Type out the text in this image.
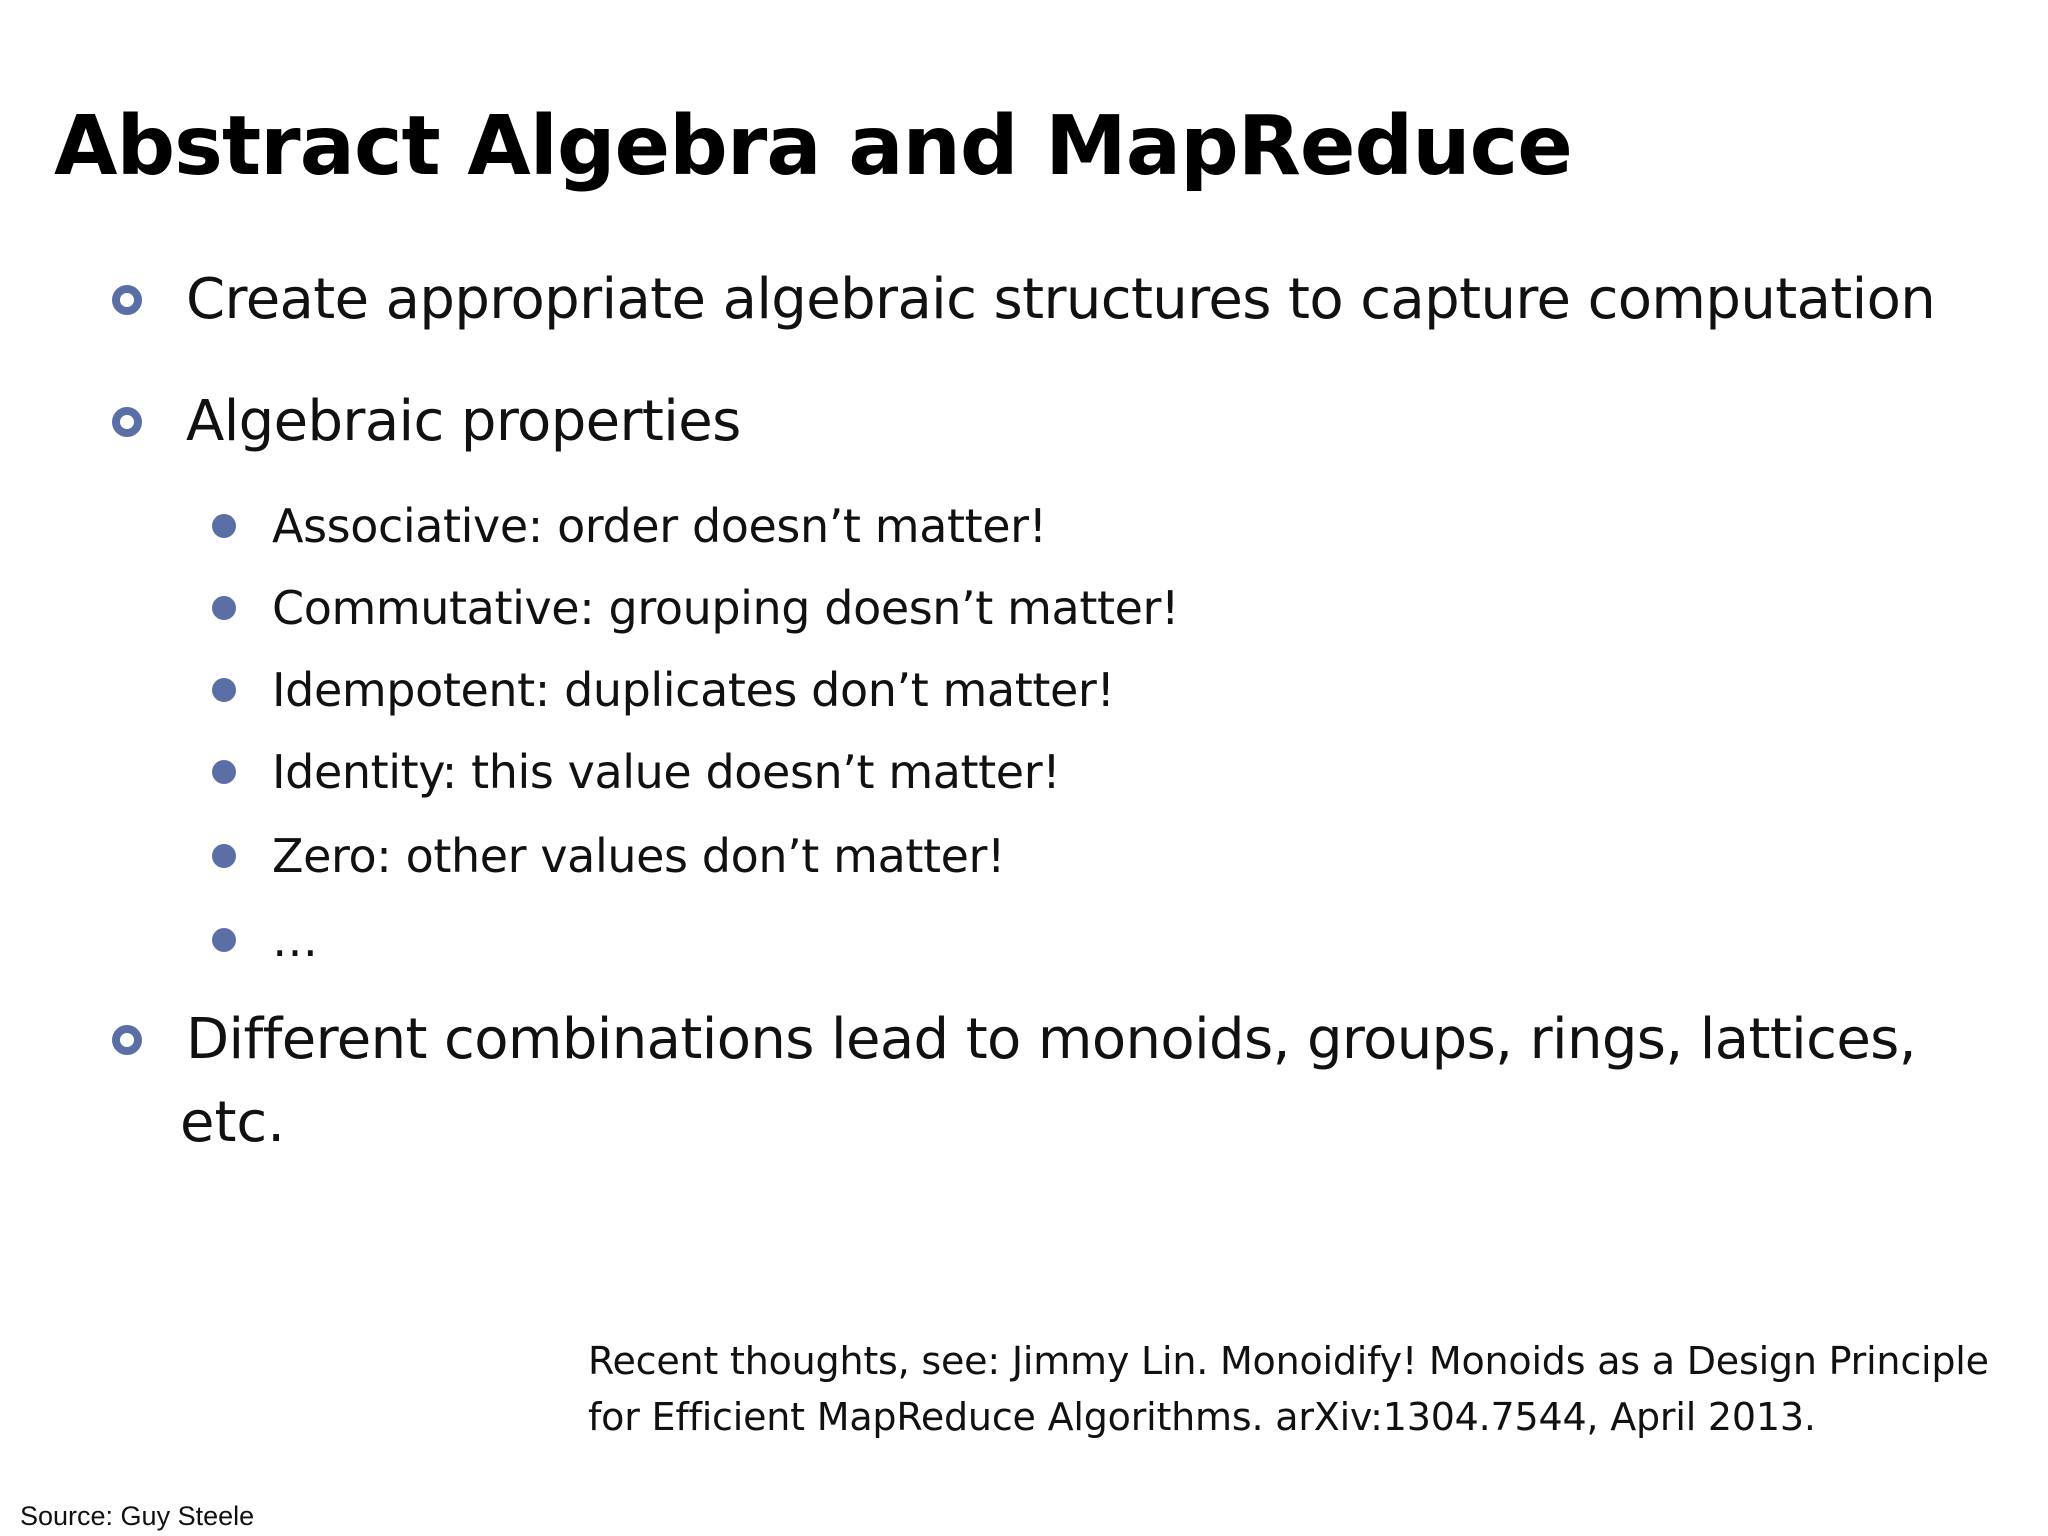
Abstract Algebra and MapReduce
Create appropriate algebraic structures to capture computation
Algebraic properties
Associative: order doesn’t matter!
Commutative: grouping doesn’t matter!
Idempotent: duplicates don’t matter!
Identity: this value doesn’t matter!
Zero: other values don’t matter!
…
Different combinations lead to monoids, groups, rings, lattices,
etc.
Recent thoughts, see: Jimmy Lin. Monoidify! Monoids as a Design Principle
for Efficient MapReduce Algorithms. arXiv:1304.7544, April 2013.
Source: Guy Steele
